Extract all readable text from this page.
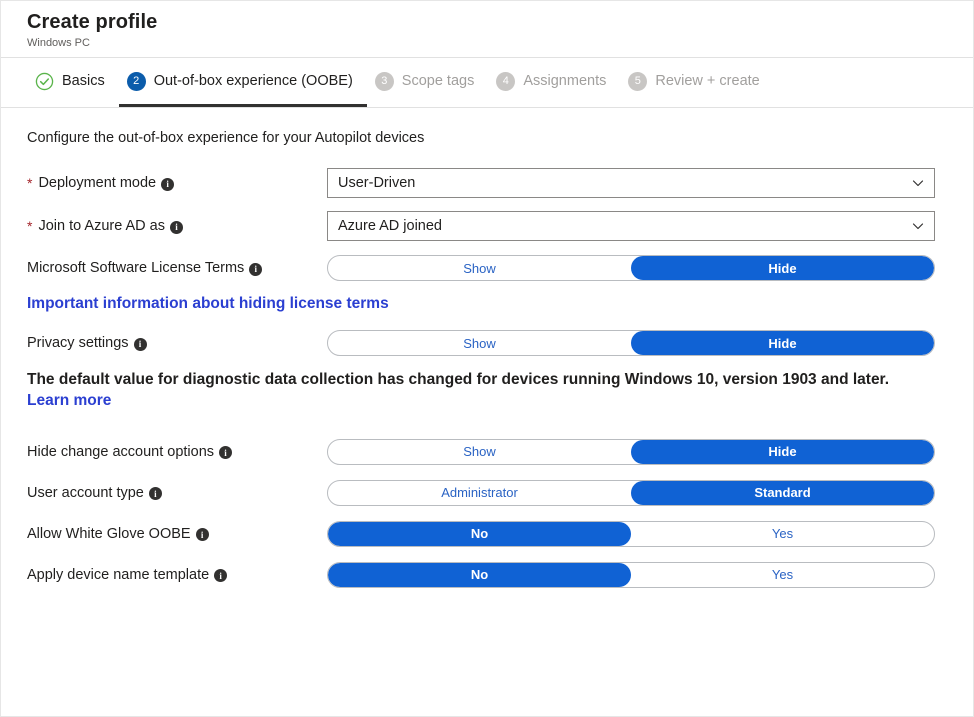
Create profile
Windows PC
Basics	2 Out-of-box experience (OOBE)	3 Scope tags	4 Assignments	5 Review + create
Configure the out-of-box experience for your Autopilot devices
* Deployment mode	i	User-Driven
* Join to Azure AD as	i	Azure AD joined
Microsoft Software License Terms	i	Show	Hide
Important information about hiding license terms
Privacy settings	i	Show	Hide
The default value for diagnostic data collection has changed for devices running Windows 10, version 1903 and later. Learn more
Hide change account options	i	Show	Hide
User account type	i	Administrator	Standard
Allow White Glove OOBE	i	No	Yes
Apply device name template	i	No	Yes
